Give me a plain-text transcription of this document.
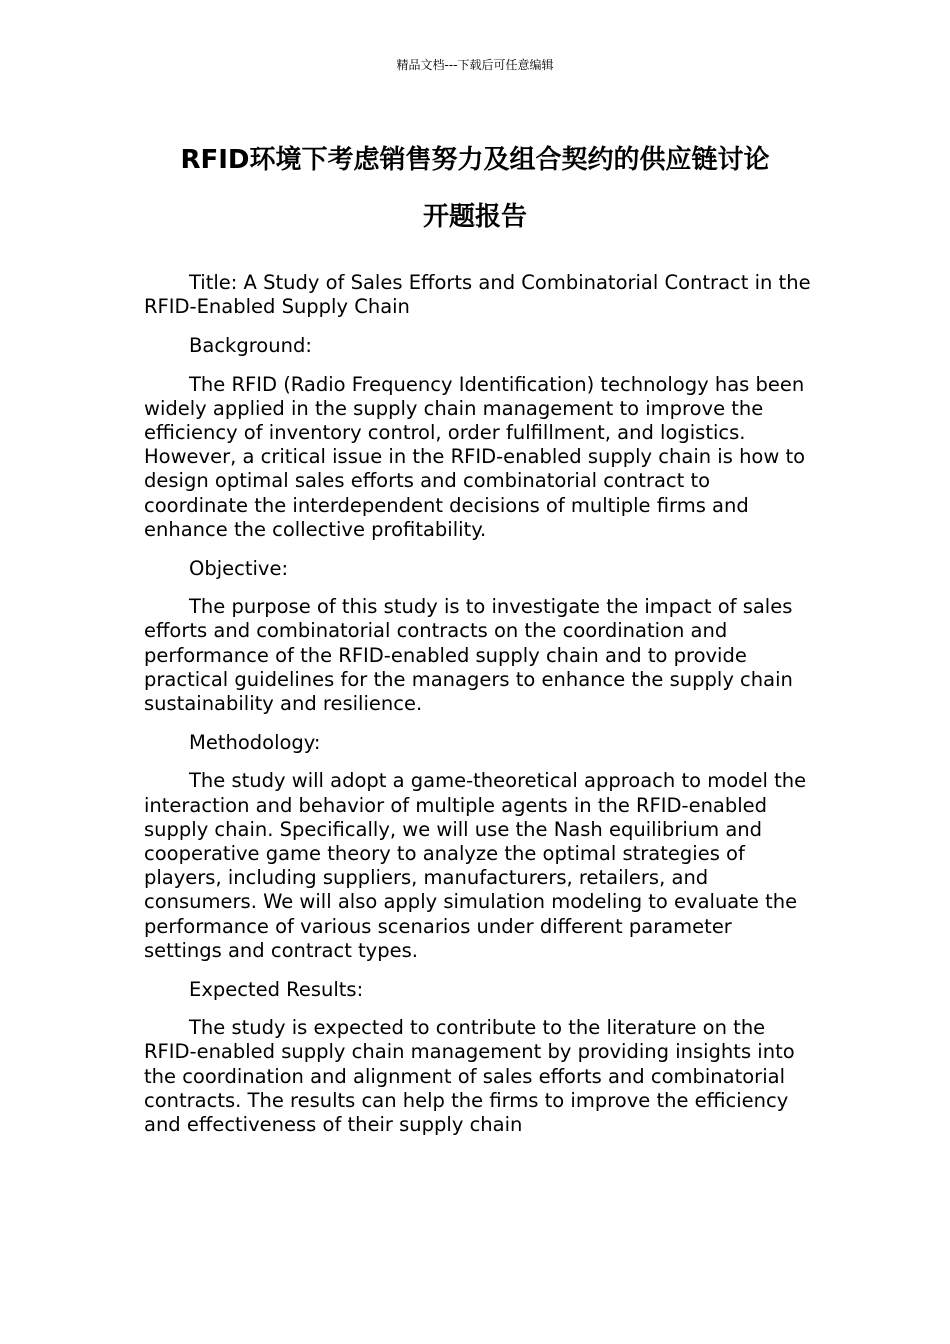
精品文档---下载后可任意编辑
RFID环境下考虑销售努力及组合契约的供应链讨论
开题报告

Title: A Study of Sales Efforts and Combinatorial Contract in the RFID-Enabled Supply Chain

Background:

The RFID (Radio Frequency Identification) technology has been widely applied in the supply chain management to improve the efficiency of inventory control, order fulfillment, and logistics. However, a critical issue in the RFID-enabled supply chain is how to design optimal sales efforts and combinatorial contract to coordinate the interdependent decisions of multiple firms and enhance the collective profitability.

Objective:

The purpose of this study is to investigate the impact of sales efforts and combinatorial contracts on the coordination and performance of the RFID-enabled supply chain and to provide practical guidelines for the managers to enhance the supply chain sustainability and resilience.

Methodology:

The study will adopt a game-theoretical approach to model the interaction and behavior of multiple agents in the RFID-enabled supply chain. Specifically, we will use the Nash equilibrium and cooperative game theory to analyze the optimal strategies of players, including suppliers, manufacturers, retailers, and consumers. We will also apply simulation modeling to evaluate the performance of various scenarios under different parameter settings and contract types.

Expected Results:

The study is expected to contribute to the literature on the RFID-enabled supply chain management by providing insights into the coordination and alignment of sales efforts and combinatorial contracts. The results can help the firms to improve the efficiency and effectiveness of their supply chain
